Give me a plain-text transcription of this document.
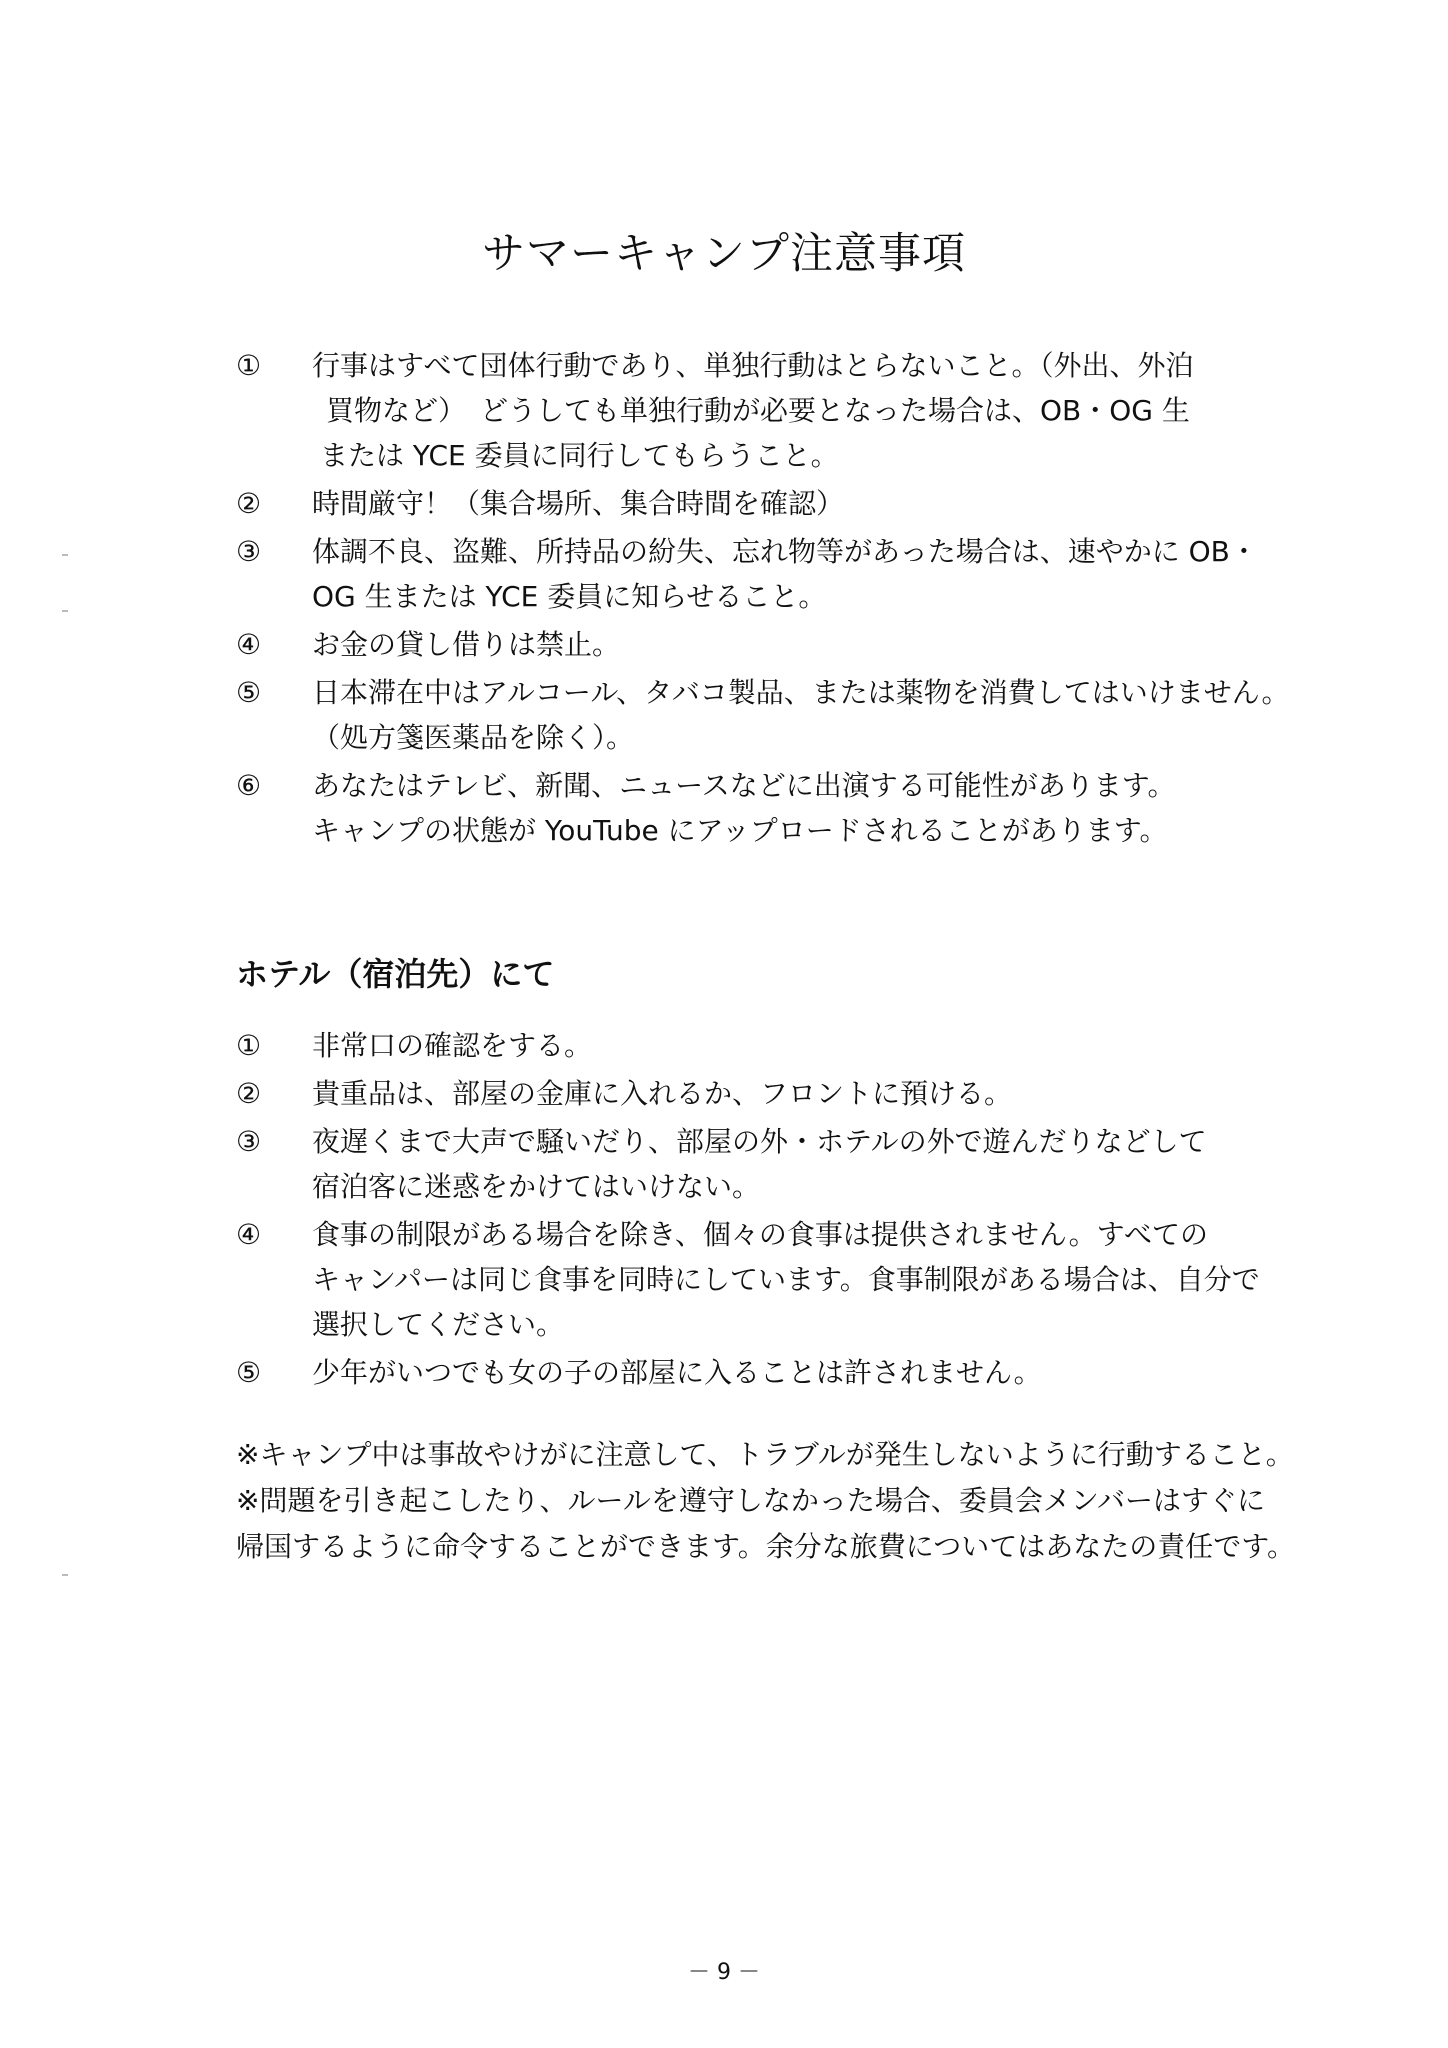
サマーキャンプ注意事項
①	行事はすべて団体行動であり、単独行動はとらないこと。（外出、外泊
買物など）　どうしても単独行動が必要となった場合は、OB・OG 生
または YCE 委員に同行してもらうこと。
②	時間厳守！（集合場所、集合時間を確認）
③	体調不良、盗難、所持品の紛失、忘れ物等があった場合は、速やかに OB・
OG 生または YCE 委員に知らせること。
④	お金の貸し借りは禁止。
⑤	日本滞在中はアルコール、タバコ製品、または薬物を消費してはいけません。
（処方箋医薬品を除く）。
⑥	あなたはテレビ、新聞、ニュースなどに出演する可能性があります。
キャンプの状態が YouTube にアップロードされることがあります。
ホテル（宿泊先）にて
①	非常口の確認をする。
②	貴重品は、部屋の金庫に入れるか、フロントに預ける。
③	夜遅くまで大声で騒いだり、部屋の外・ホテルの外で遊んだりなどして
宿泊客に迷惑をかけてはいけない。
④	食事の制限がある場合を除き、個々の食事は提供されません。すべての
キャンパーは同じ食事を同時にしています。食事制限がある場合は、自分で
選択してください。
⑤	少年がいつでも女の子の部屋に入ることは許されません。
※キャンプ中は事故やけがに注意して、トラブルが発生しないように行動すること。
※問題を引き起こしたり、ルールを遵守しなかった場合、委員会メンバーはすぐに
帰国するように命令することができます。余分な旅費についてはあなたの責任です。
－ 9 －
